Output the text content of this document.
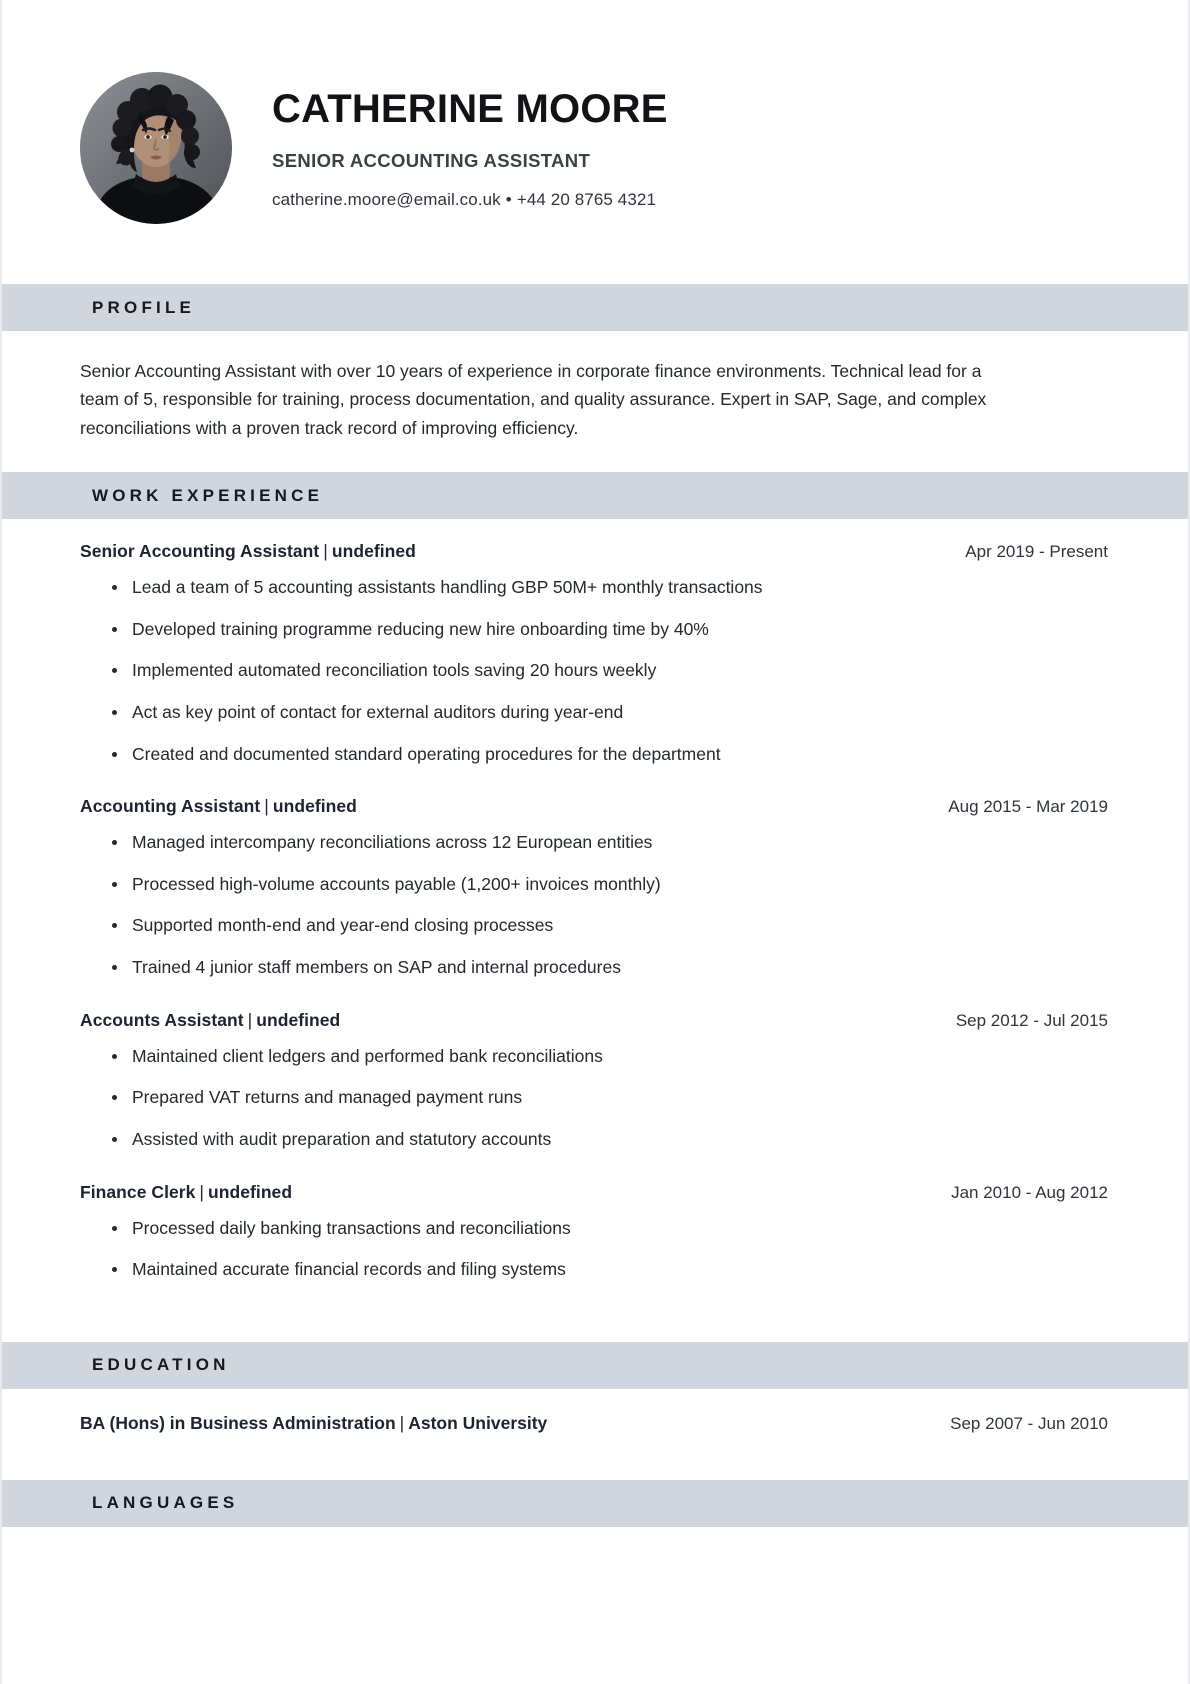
CATHERINE MOORE
SENIOR ACCOUNTING ASSISTANT
catherine.moore@email.co.uk • +44 20 8765 4321
PROFILE
Senior Accounting Assistant with over 10 years of experience in corporate finance environments. Technical lead for a team of 5, responsible for training, process documentation, and quality assurance. Expert in SAP, Sage, and complex reconciliations with a proven track record of improving efficiency.
WORK EXPERIENCE
Senior Accounting Assistant | undefined	Apr 2019 - Present
Lead a team of 5 accounting assistants handling GBP 50M+ monthly transactions
Developed training programme reducing new hire onboarding time by 40%
Implemented automated reconciliation tools saving 20 hours weekly
Act as key point of contact for external auditors during year-end
Created and documented standard operating procedures for the department
Accounting Assistant | undefined	Aug 2015 - Mar 2019
Managed intercompany reconciliations across 12 European entities
Processed high-volume accounts payable (1,200+ invoices monthly)
Supported month-end and year-end closing processes
Trained 4 junior staff members on SAP and internal procedures
Accounts Assistant | undefined	Sep 2012 - Jul 2015
Maintained client ledgers and performed bank reconciliations
Prepared VAT returns and managed payment runs
Assisted with audit preparation and statutory accounts
Finance Clerk | undefined	Jan 2010 - Aug 2012
Processed daily banking transactions and reconciliations
Maintained accurate financial records and filing systems
EDUCATION
BA (Hons) in Business Administration | Aston University	Sep 2007 - Jun 2010
LANGUAGES
